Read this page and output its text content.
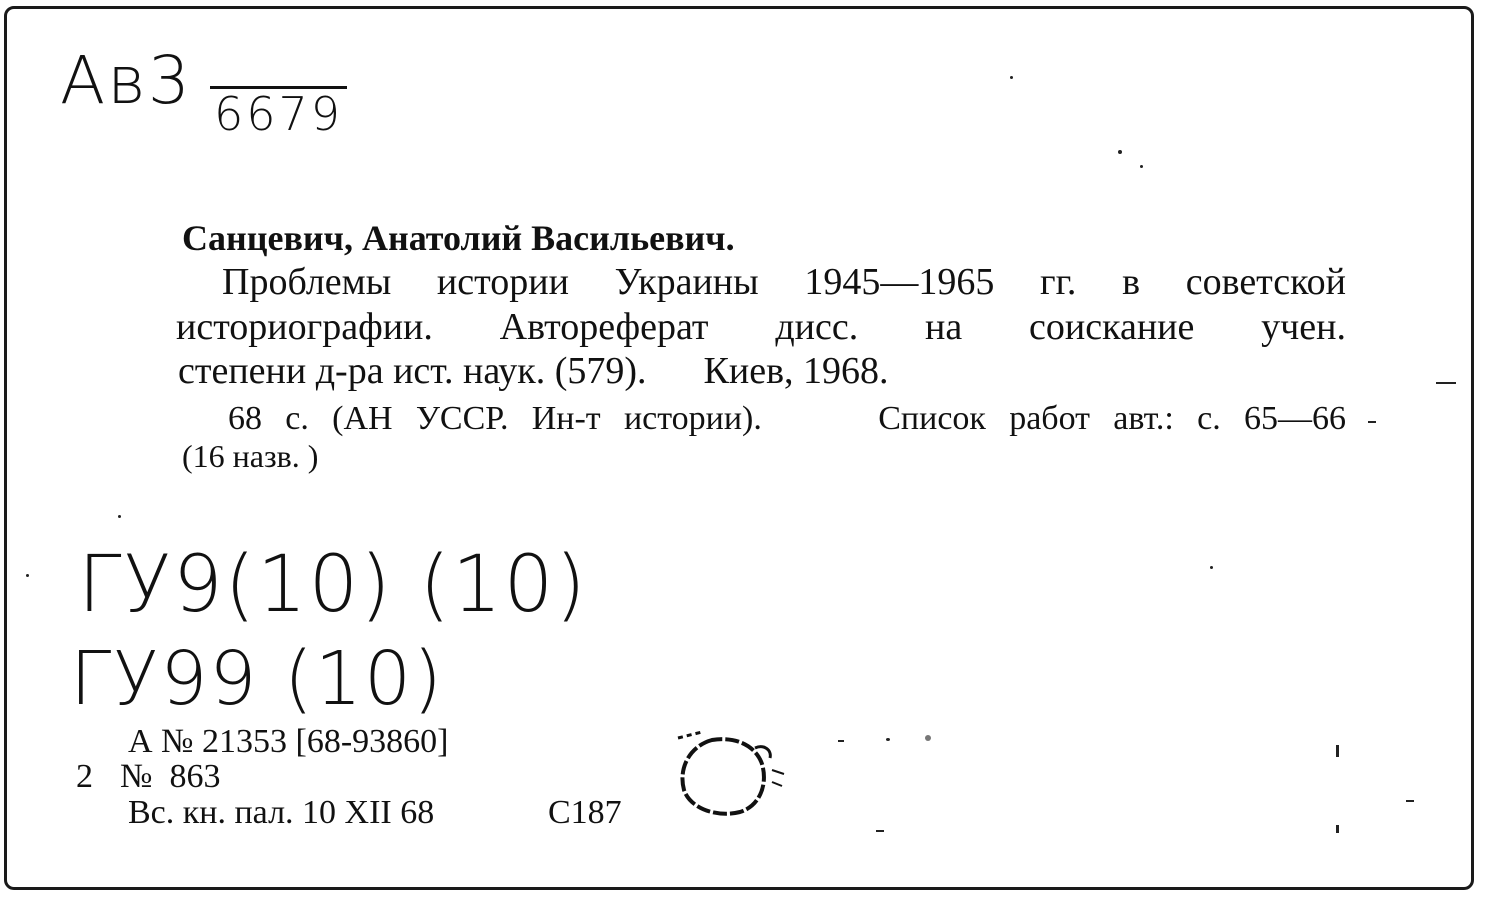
Ав3 6679
Санцевич, Анатолий Васильевич.
Проблемы истории Украины 1945—1965 гг. в советской
историографии. Автореферат дисс. на соискание учен.
степени д-ра ист. наук. (579).      Киев, 1968.
68 с. (АН УССР. Ин-т истории).     Список работ авт.: с. 65—66
(16 назв. )
ГУ9(10) (10)
ГУ99 (10)
А № 21353 [68-93860]
2 №  863
Вс. кн. пал. 10 XII 68	С187
